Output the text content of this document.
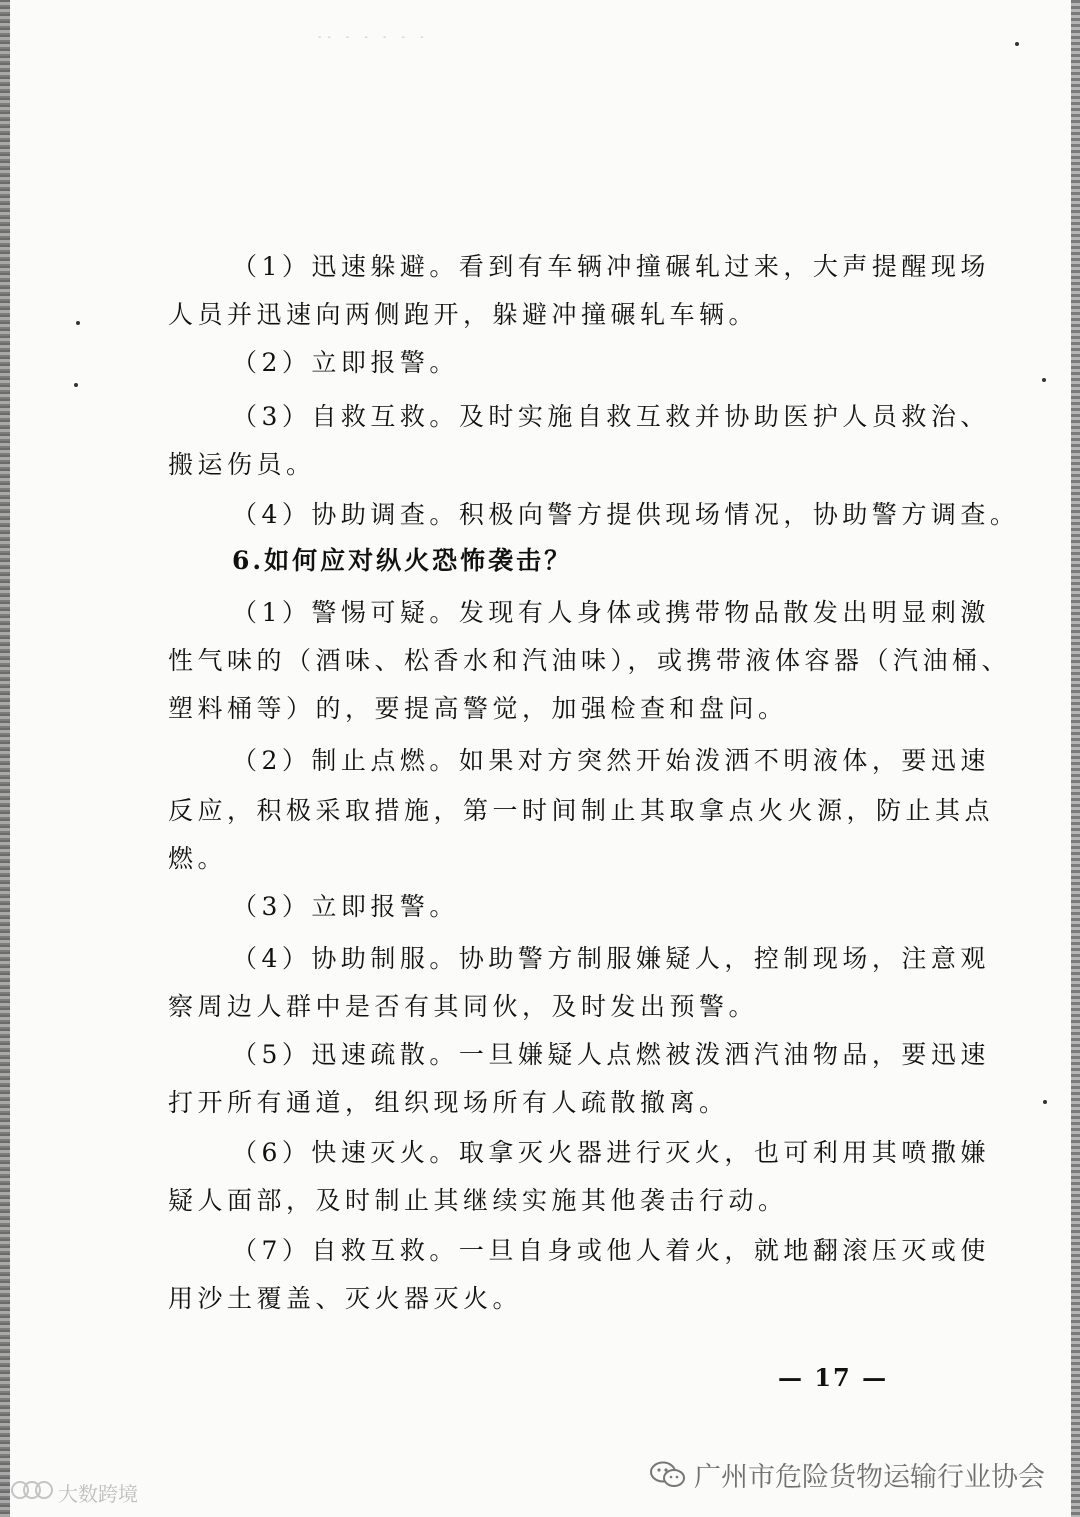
-- - - - - -
（1）迅速躲避。看到有车辆冲撞碾轧过来，大声提醒现场
人员并迅速向两侧跑开，躲避冲撞碾轧车辆。
（2）立即报警。
（3）自救互救。及时实施自救互救并协助医护人员救治、
搬运伤员。
（4）协助调查。积极向警方提供现场情况，协助警方调查。
6.如何应对纵火恐怖袭击？
（1）警惕可疑。发现有人身体或携带物品散发出明显刺激
性气味的（酒味、松香水和汽油味），或携带液体容器（汽油桶、
塑料桶等）的，要提高警觉，加强检查和盘问。
（2）制止点燃。如果对方突然开始泼洒不明液体，要迅速
反应，积极采取措施，第一时间制止其取拿点火火源，防止其点
燃。
（3）立即报警。
（4）协助制服。协助警方制服嫌疑人，控制现场，注意观
察周边人群中是否有其同伙，及时发出预警。
（5）迅速疏散。一旦嫌疑人点燃被泼洒汽油物品，要迅速
打开所有通道，组织现场所有人疏散撤离。
（6）快速灭火。取拿灭火器进行灭火，也可利用其喷撒嫌
疑人面部，及时制止其继续实施其他袭击行动。
（7）自救互救。一旦自身或他人着火，就地翻滚压灭或使
用沙土覆盖、灭火器灭火。
— 17 —
广州市危险货物运输行业协会
大数跨境
